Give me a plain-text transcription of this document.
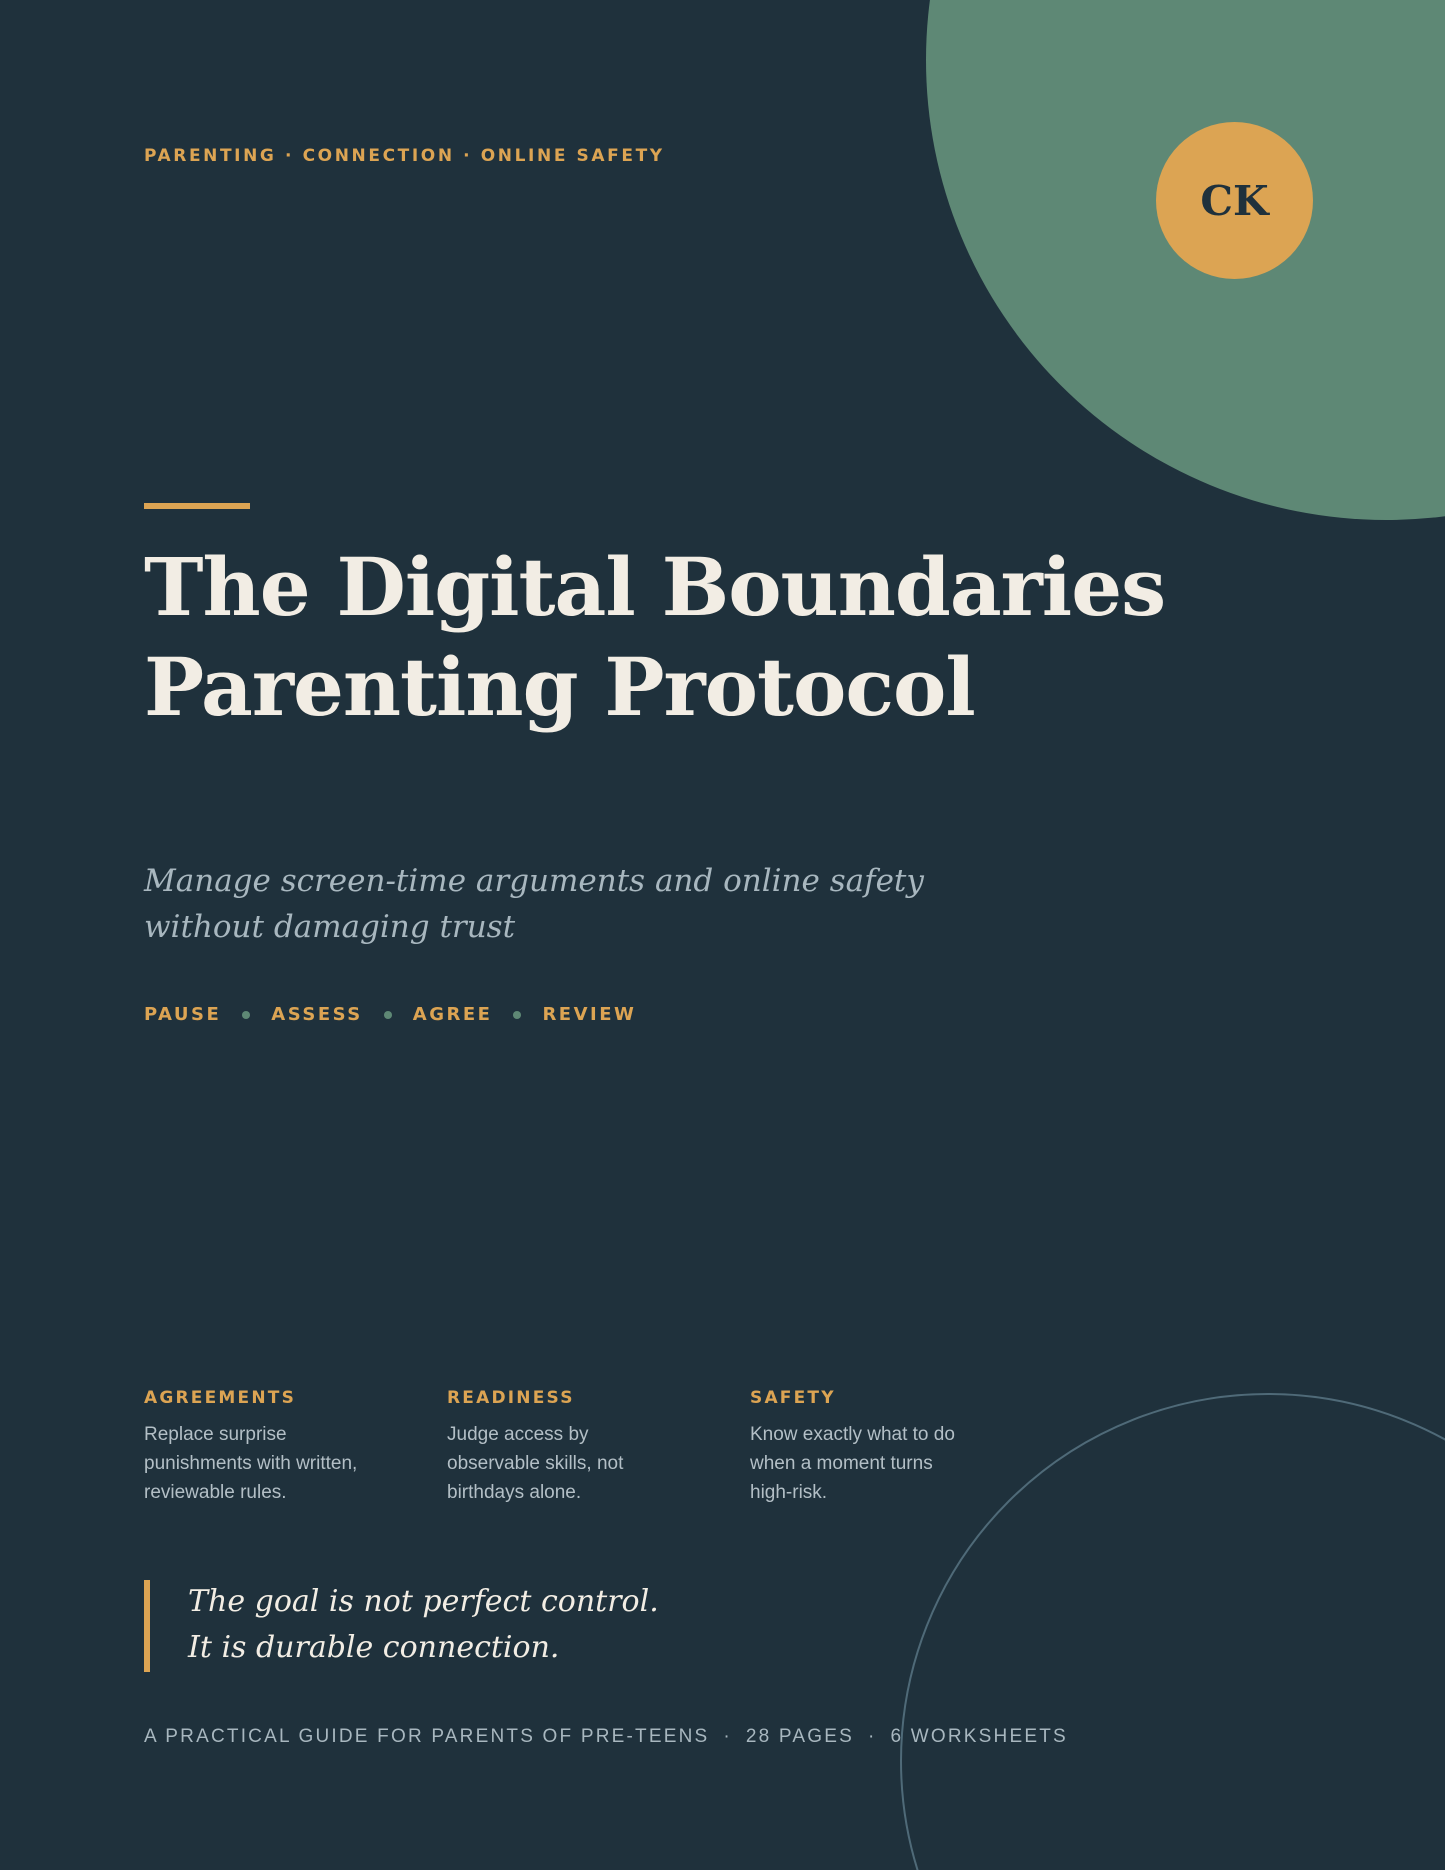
CK
PARENTING · CONNECTION · ONLINE SAFETY
The Digital Boundaries
Parenting Protocol
Manage screen-time arguments and online safety
without damaging trust
PAUSE	ASSESS	AGREE	REVIEW
AGREEMENTS
Replace surprise
punishments with written,
reviewable rules.
READINESS
Judge access by
observable skills, not
birthdays alone.
SAFETY
Know exactly what to do
when a moment turns
high-risk.
The goal is not perfect control.
It is durable connection.
A PRACTICAL GUIDE FOR PARENTS OF PRE-TEENS · 28 PAGES · 6 WORKSHEETS
